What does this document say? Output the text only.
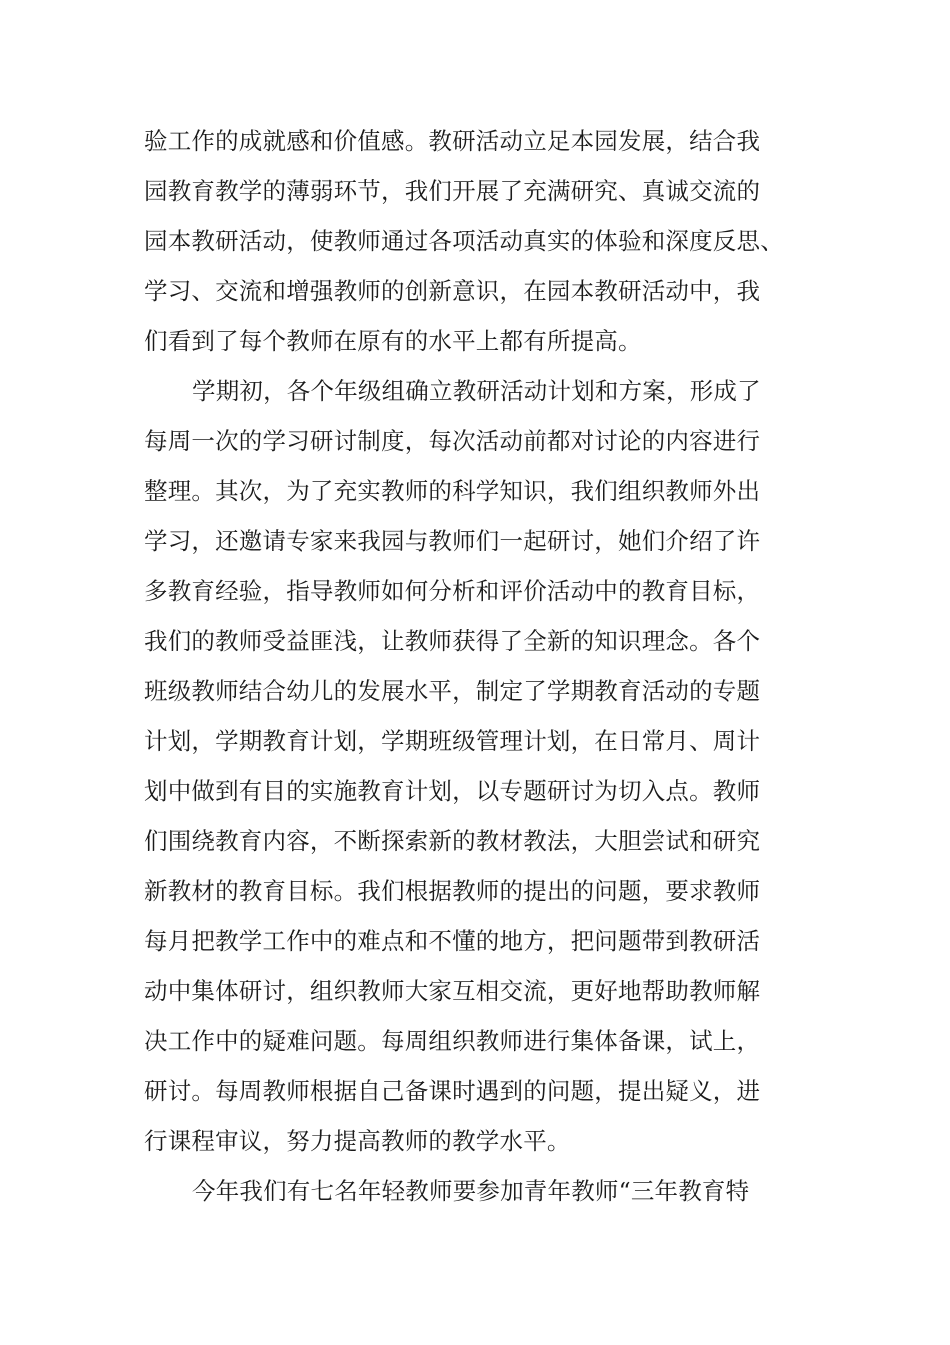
验工作的成就感和价值感。教研活动立足本园发展，结合我
园教育教学的薄弱环节，我们开展了充满研究、真诚交流的
园本教研活动，使教师通过各项活动真实的体验和深度反思、
学习、交流和增强教师的创新意识，在园本教研活动中，我
们看到了每个教师在原有的水平上都有所提高。
学期初，各个年级组确立教研活动计划和方案，形成了
每周一次的学习研讨制度，每次活动前都对讨论的内容进行
整理。其次，为了充实教师的科学知识，我们组织教师外出
学习，还邀请专家来我园与教师们一起研讨，她们介绍了许
多教育经验，指导教师如何分析和评价活动中的教育目标，
我们的教师受益匪浅，让教师获得了全新的知识理念。各个
班级教师结合幼儿的发展水平，制定了学期教育活动的专题
计划，学期教育计划，学期班级管理计划，在日常月、周计
划中做到有目的实施教育计划，以专题研讨为切入点。教师
们围绕教育内容，不断探索新的教材教法，大胆尝试和研究
新教材的教育目标。我们根据教师的提出的问题，要求教师
每月把教学工作中的难点和不懂的地方，把问题带到教研活
动中集体研讨，组织教师大家互相交流，更好地帮助教师解
决工作中的疑难问题。每周组织教师进行集体备课，试上，
研讨。每周教师根据自己备课时遇到的问题，提出疑义，进
行课程审议，努力提高教师的教学水平。
今年我们有七名年轻教师要参加青年教师“三年教育特
